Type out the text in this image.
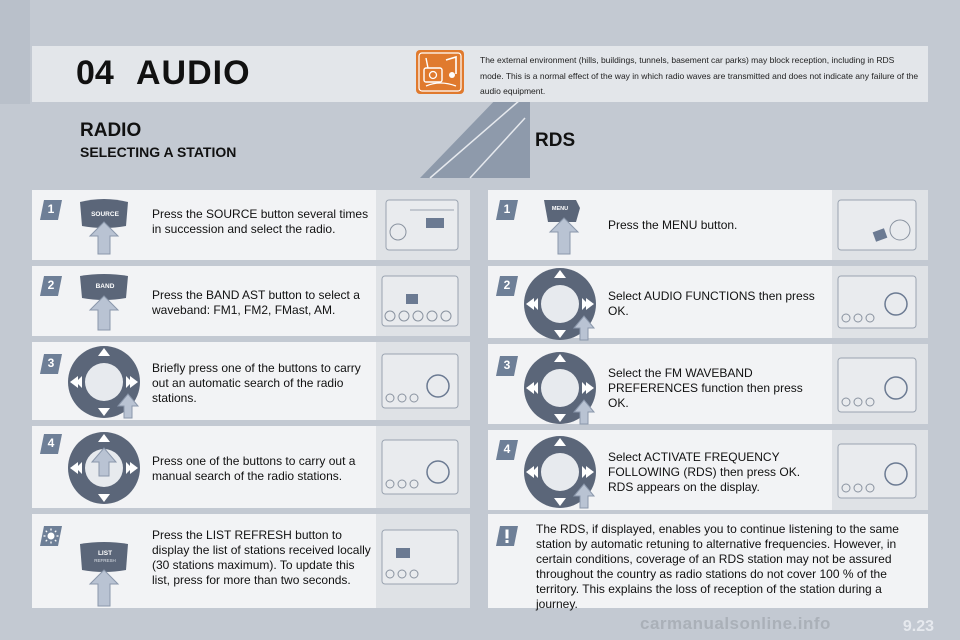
04 AUDIO	The external environment (hills, buildings, tunnels, basement car parks) may block reception, including in RDS mode. This is a normal effect of the way in which radio waves are transmitted and does not indicate any failure of the audio equipment.
RADIO
SELECTING A STATION
RDS
Press the SOURCE button several times in succession and select the radio.
Press the BAND AST button to select a waveband: FM1, FM2, FMast, AM.
Briefly press one of the buttons to carry out an automatic search of the radio stations.
Press one of the buttons to carry out a manual search of the radio stations.
Press the LIST REFRESH button to display the list of stations received locally (30 stations maximum). To update this list, press for more than two seconds.
Press the MENU button.
Select AUDIO FUNCTIONS then press OK.
Select the FM WAVEBAND PREFERENCES function then press OK.
Select ACTIVATE FREQUENCY FOLLOWING (RDS) then press OK. RDS appears on the display.
The RDS, if displayed, enables you to continue listening to the same station by automatic retuning to alternative frequencies. However, in certain conditions, coverage of an RDS station may not be assured throughout the country as radio stations do not cover 100 % of the territory. This explains the loss of reception of the station during a journey.
1
2
3
4
1
2
3
4
SOURCE
BAND
LIST
REFRESH
MENU
9.23
carmanualsonline.info
